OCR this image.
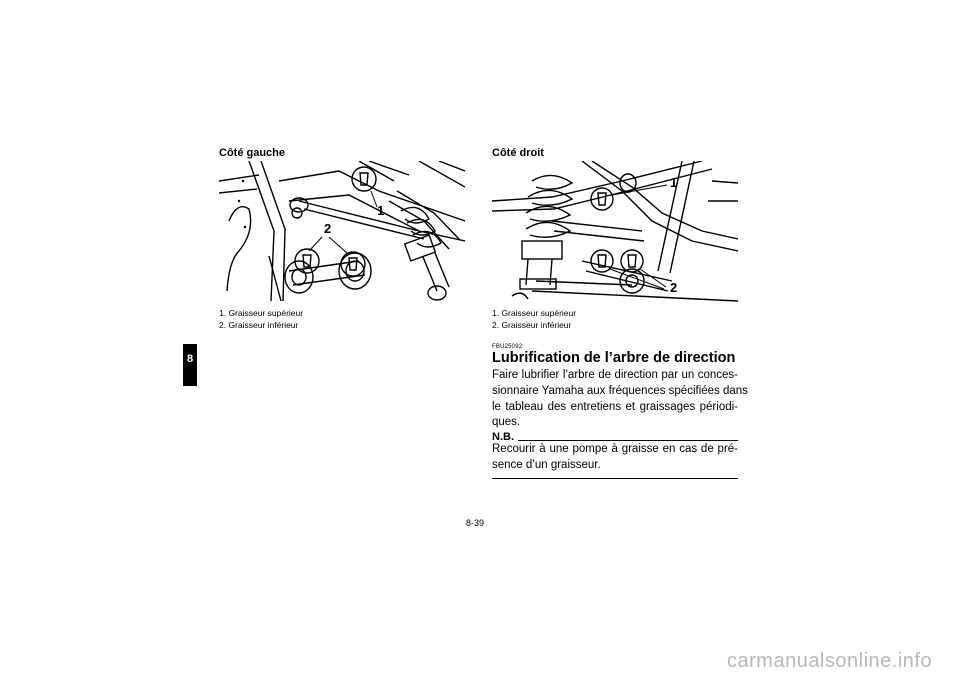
8
Côté gauche
1
2
1. Graisseur supérieur
2. Graisseur inférieur
Côté droit
1
2
1. Graisseur supérieur
2. Graisseur inférieur
FBU25092
Lubrification de l’arbre de direction
Faire lubrifier l’arbre de direction par un conces-
sionnaire Yamaha aux fréquences spécifiées dans
le tableau des entretiens et graissages périodi-
ques.
N.B.
Recourir à une pompe à graisse en cas de pré-
sence d’un graisseur.
8-39
carmanualsonline.info
